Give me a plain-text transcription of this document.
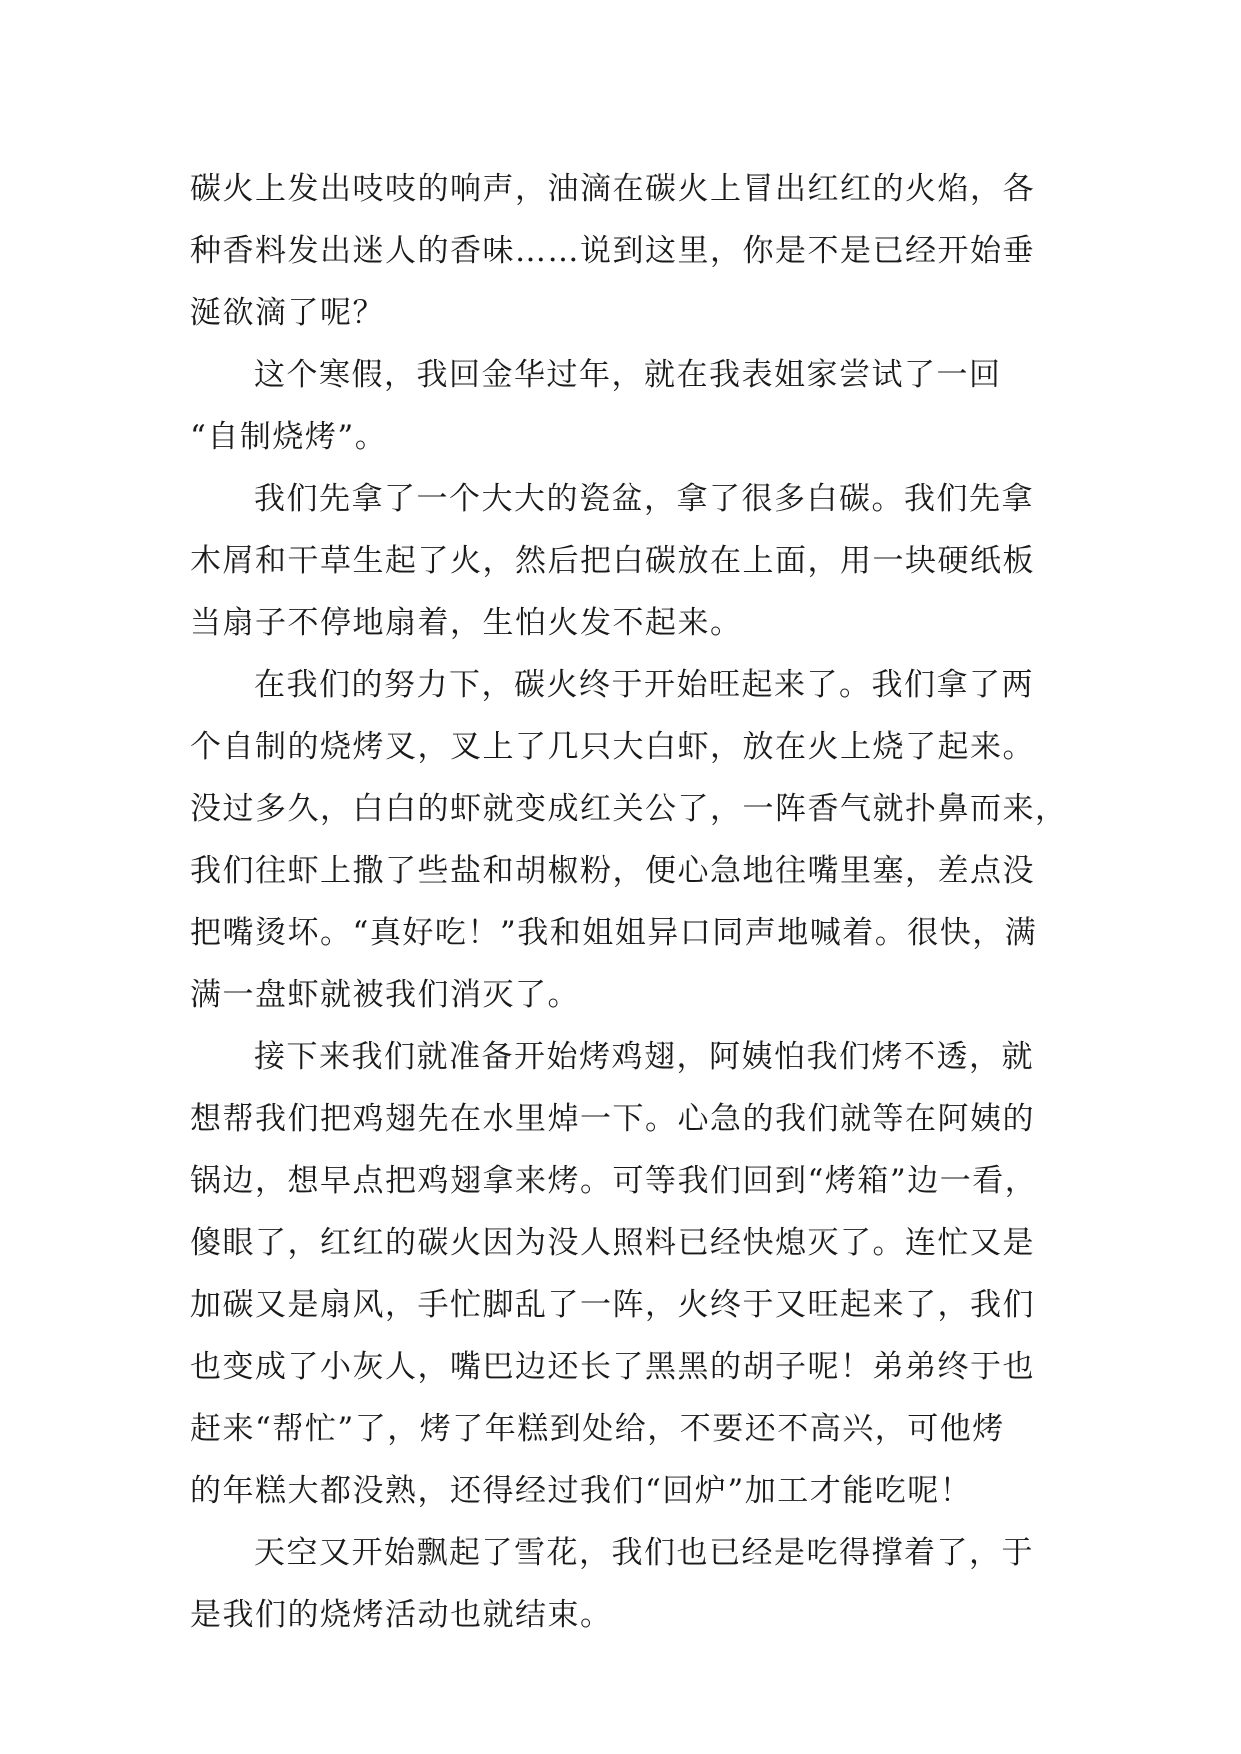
碳火上发出吱吱的响声，油滴在碳火上冒出红红的火焰，各
种香料发出迷人的香味……说到这里，你是不是已经开始垂
涎欲滴了呢？
这个寒假，我回金华过年，就在我表姐家尝试了一回
“自制烧烤”。
我们先拿了一个大大的瓷盆，拿了很多白碳。我们先拿
木屑和干草生起了火，然后把白碳放在上面，用一块硬纸板
当扇子不停地扇着，生怕火发不起来。
在我们的努力下，碳火终于开始旺起来了。我们拿了两
个自制的烧烤叉，叉上了几只大白虾，放在火上烧了起来。
没过多久，白白的虾就变成红关公了，一阵香气就扑鼻而来，
我们往虾上撒了些盐和胡椒粉，便心急地往嘴里塞，差点没
把嘴烫坏。“真好吃！”我和姐姐异口同声地喊着。很快，满
满一盘虾就被我们消灭了。
接下来我们就准备开始烤鸡翅，阿姨怕我们烤不透，就
想帮我们把鸡翅先在水里焯一下。心急的我们就等在阿姨的
锅边，想早点把鸡翅拿来烤。可等我们回到“烤箱”边一看，
傻眼了，红红的碳火因为没人照料已经快熄灭了。连忙又是
加碳又是扇风，手忙脚乱了一阵，火终于又旺起来了，我们
也变成了小灰人，嘴巴边还长了黑黑的胡子呢！弟弟终于也
赶来“帮忙”了，烤了年糕到处给，不要还不高兴，可他烤
的年糕大都没熟，还得经过我们“回炉”加工才能吃呢！
天空又开始飘起了雪花，我们也已经是吃得撑着了，于
是我们的烧烤活动也就结束。
